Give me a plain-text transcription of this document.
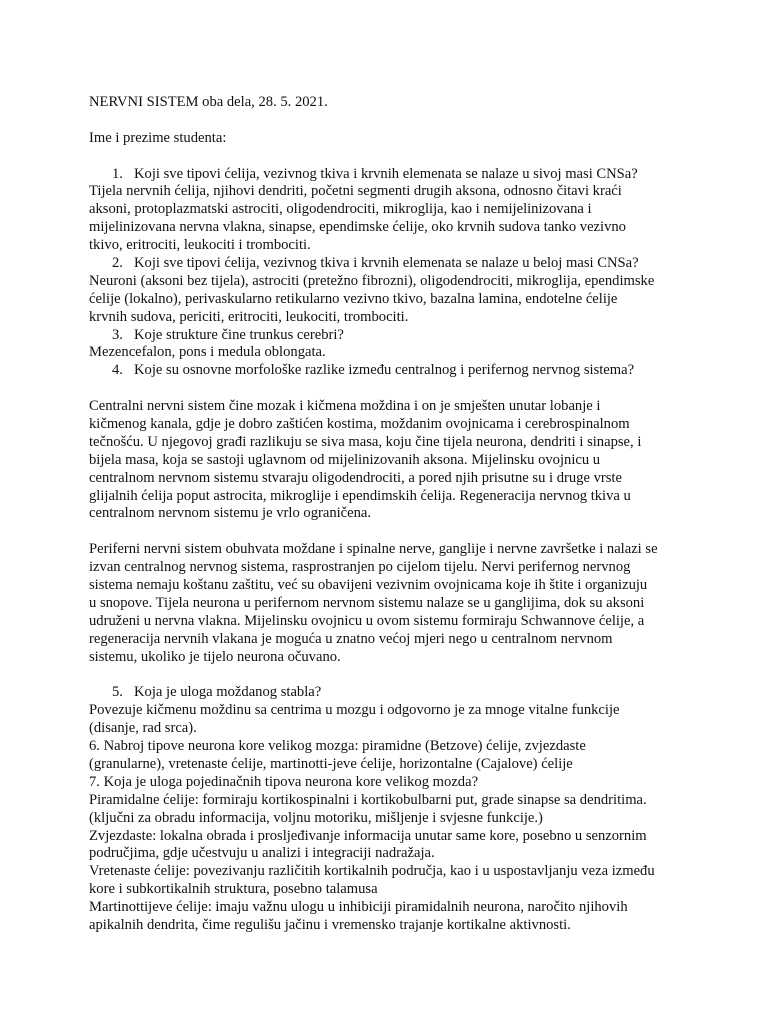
NERVNI SISTEM oba dela, 28. 5. 2021.
Ime i prezime studenta:
1. Koji sve tipovi ćelija, vezivnog tkiva i krvnih elemenata se nalaze u sivoj masi CNSa?
Tijela nervnih ćelija, njihovi dendriti, početni segmenti drugih aksona, odnosno čitavi kraći
aksoni, protoplazmatski astrociti, oligodendrociti, mikroglija, kao i nemijelinizovana i
mijelinizovana nervna vlakna, sinapse, ependimske ćelije, oko krvnih sudova tanko vezivno
tkivo, eritrociti, leukociti i trombociti.
2. Koji sve tipovi ćelija, vezivnog tkiva i krvnih elemenata se nalaze u beloj masi CNSa?
Neuroni (aksoni bez tijela), astrociti (pretežno fibrozni), oligodendrociti, mikroglija, ependimske
ćelije (lokalno), perivaskularno retikularno vezivno tkivo, bazalna lamina, endotelne ćelije
krvnih sudova, periciti, eritrociti, leukociti, trombociti.
3. Koje strukture čine trunkus cerebri?
Mezencefalon, pons i medula oblongata.
4. Koje su osnovne morfološke razlike između centralnog i perifernog nervnog sistema?
Centralni nervni sistem čine mozak i kičmena moždina i on je smješten unutar lobanje i
kičmenog kanala, gdje je dobro zaštićen kostima, moždanim ovojnicama i cerebrospinalnom
tečnošću. U njegovoj građi razlikuju se siva masa, koju čine tijela neurona, dendriti i sinapse, i
bijela masa, koja se sastoji uglavnom od mijelinizovanih aksona. Mijelinsku ovojnicu u
centralnom nervnom sistemu stvaraju oligodendrociti, a pored njih prisutne su i druge vrste
glijalnih ćelija poput astrocita, mikroglije i ependimskih ćelija. Regeneracija nervnog tkiva u
centralnom nervnom sistemu je vrlo ograničena.
Periferni nervni sistem obuhvata moždane i spinalne nerve, ganglije i nervne završetke i nalazi se
izvan centralnog nervnog sistema, rasprostranjen po cijelom tijelu. Nervi perifernog nervnog
sistema nemaju koštanu zaštitu, već su obavijeni vezivnim ovojnicama koje ih štite i organizuju
u snopove. Tijela neurona u perifernom nervnom sistemu nalaze se u ganglijima, dok su aksoni
udruženi u nervna vlakna. Mijelinsku ovojnicu u ovom sistemu formiraju Schwannove ćelije, a
regeneracija nervnih vlakana je moguća u znatno većoj mjeri nego u centralnom nervnom
sistemu, ukoliko je tijelo neurona očuvano.
5. Koja je uloga moždanog stabla?
Povezuje kičmenu moždinu sa centrima u mozgu i odgovorno je za mnoge vitalne funkcije
(disanje, rad srca).
6. Nabroj tipove neurona kore velikog mozga: piramidne (Betzove) ćelije, zvjezdaste
(granularne), vretenaste ćelije, martinotti-jeve ćelije, horizontalne (Cajalove) ćelije
7. Koja je uloga pojedinačnih tipova neurona kore velikog mozda?
Piramidalne ćelije: formiraju kortikospinalni i kortikobulbarni put, grade sinapse sa dendritima.
(ključni za obradu informacija, voljnu motoriku, mišljenje i svjesne funkcije.)
Zvjezdaste: lokalna obrada i prosljeđivanje informacija unutar same kore, posebno u senzornim
područjima, gdje učestvuju u analizi i integraciji nadražaja.
Vretenaste ćelije: povezivanju različitih kortikalnih područja, kao i u uspostavljanju veza između
kore i subkortikalnih struktura, posebno talamusa
Martinottijeve ćelije: imaju važnu ulogu u inhibiciji piramidalnih neurona, naročito njihovih
apikalnih dendrita, čime regulišu jačinu i vremensko trajanje kortikalne aktivnosti.
